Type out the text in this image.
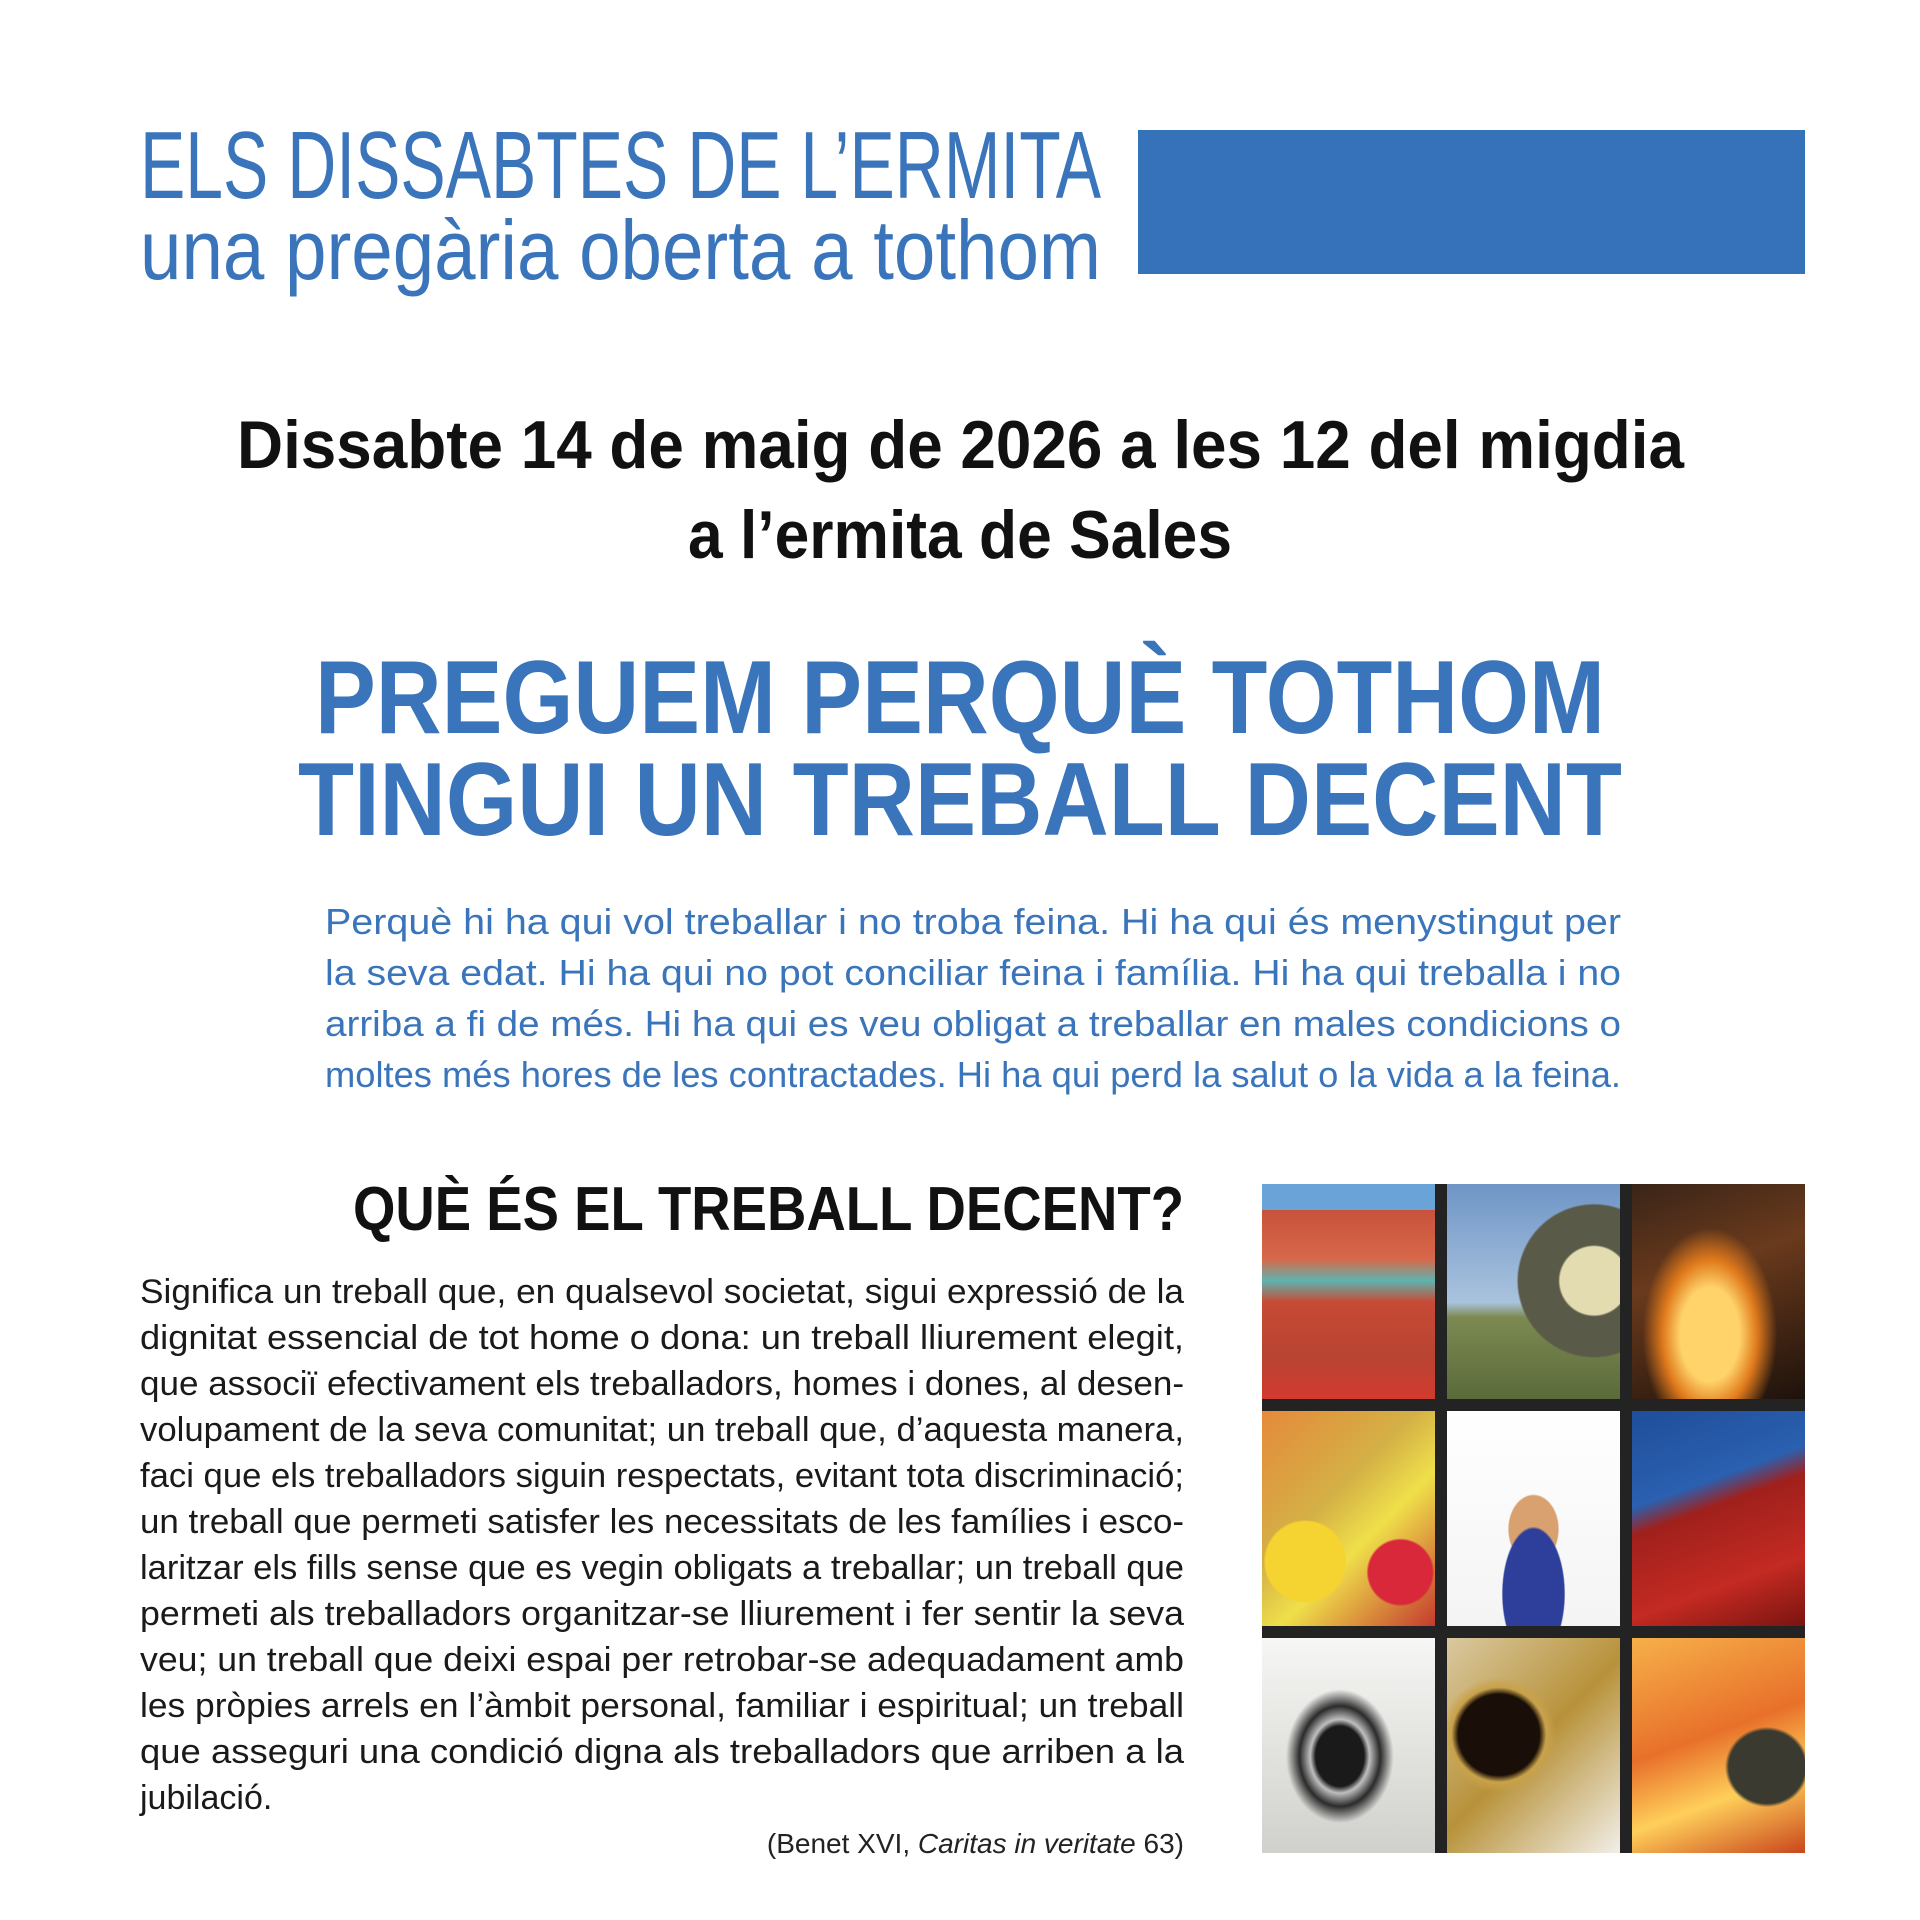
ELS DISSABTES DE L’ERMITA
una pregària oberta a tothom
Dissabte 14 de maig de 2026 a les 12 del migdia
a l’ermita de Sales
PREGUEM PERQUÈ TOTHOM
TINGUI UN TREBALL DECENT
Perquè hi ha qui vol treballar i no troba feina. Hi ha qui és menystingut per
la seva edat. Hi ha qui no pot conciliar feina i família. Hi ha qui treballa i no
arriba a fi de més. Hi ha qui es veu obligat a treballar en males condicions o
moltes més hores de les contractades. Hi ha qui perd la salut o la vida a la feina.
QUÈ ÉS EL TREBALL DECENT?
Significa un treball que, en qualsevol societat, sigui expressió de la
dignitat essencial de tot home o dona: un treball lliurement elegit,
que associï efectivament els treballadors, homes i dones, al desen-
volupament de la seva comunitat; un treball que, d’aquesta manera,
faci que els treballadors siguin respectats, evitant tota discriminació;
un treball que permeti satisfer les necessitats de les famílies i esco-
laritzar els fills sense que es vegin obligats a treballar; un treball que
permeti als treballadors organitzar-se lliurement i fer sentir la seva
veu; un treball que deixi espai per retrobar-se adequadament amb
les pròpies arrels en l’àmbit personal, familiar i espiritual; un treball
que asseguri una condició digna als treballadors que arriben a la
jubilació.
(Benet XVI, Caritas in veritate 63)
